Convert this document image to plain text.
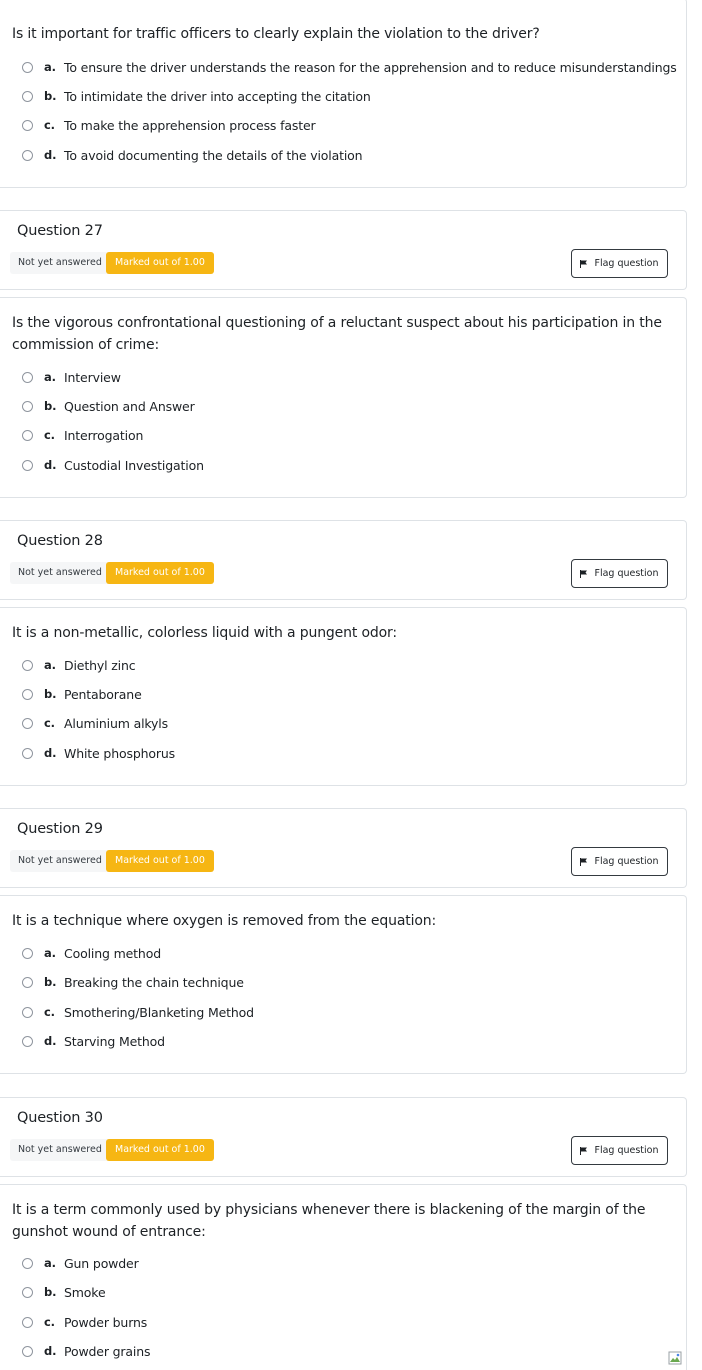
Is it important for traffic officers to clearly explain the violation to the driver?
a. To ensure the driver understands the reason for the apprehension and to reduce misunderstandings
b. To intimidate the driver into accepting the citation
c. To make the apprehension process faster
d. To avoid documenting the details of the violation
Question 27
Not yet answered	Marked out of 1.00	Flag question
Is the vigorous confrontational questioning of a reluctant suspect about his participation in the commission of crime:
a. Interview
b. Question and Answer
c. Interrogation
d. Custodial Investigation
Question 28
Not yet answered	Marked out of 1.00	Flag question
It is a non-metallic, colorless liquid with a pungent odor:
a. Diethyl zinc
b. Pentaborane
c. Aluminium alkyls
d. White phosphorus
Question 29
Not yet answered	Marked out of 1.00	Flag question
It is a technique where oxygen is removed from the equation:
a. Cooling method
b. Breaking the chain technique
c. Smothering/Blanketing Method
d. Starving Method
Question 30
Not yet answered	Marked out of 1.00	Flag question
It is a term commonly used by physicians whenever there is blackening of the margin of the gunshot wound of entrance:
a. Gun powder
b. Smoke
c. Powder burns
d. Powder grains
